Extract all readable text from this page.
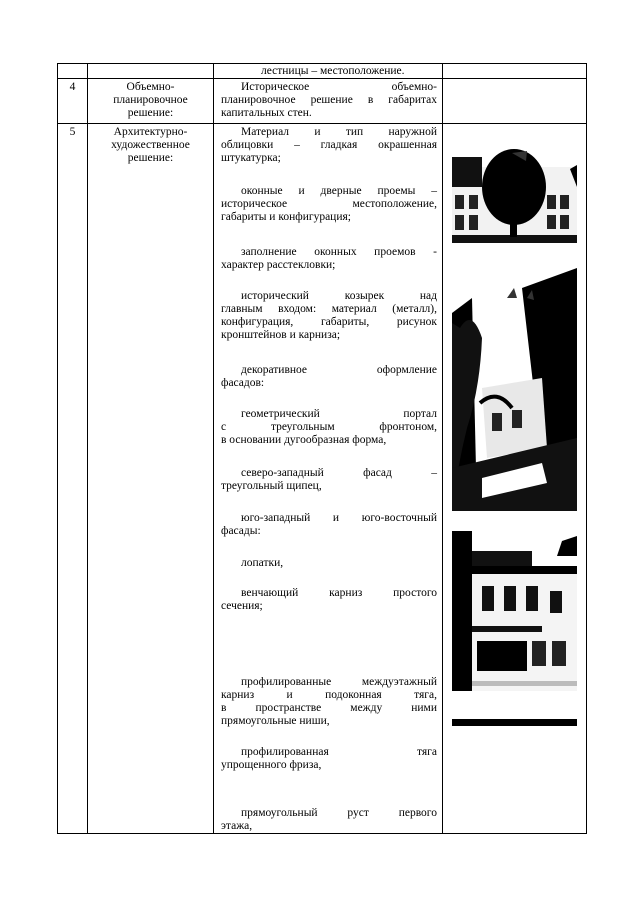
лестницы – местоположение.
4	Объемно-
планировочное
решение:
Историческое объемно-
планировочное решение в габаритах
капитальных стен.
5	Архитектурно-
художественное
решение:
Материал и тип наружной
облицовки – гладкая окрашенная
штукатурка;
оконные и дверные проемы –
историческое местоположение,
габариты и конфигурация;
заполнение оконных проемов -
характер расстекловки;
исторический козырек над
главным входом: материал (металл),
конфигурация, габариты, рисунок
кронштейнов и карниза;
декоративное оформление
фасадов:
геометрический портал
с треугольным фронтоном,
в основании дугообразная форма,
северо-западный фасад –
треугольный щипец,
юго-западный и юго-восточный
фасады:
лопатки,
венчающий карниз простого
сечения;
профилированные междуэтажный
карниз и подоконная тяга,
в пространстве между ними
прямоугольные ниши,
профилированная тяга
упрощенного фриза,
прямоугольный руст первого
этажа,
